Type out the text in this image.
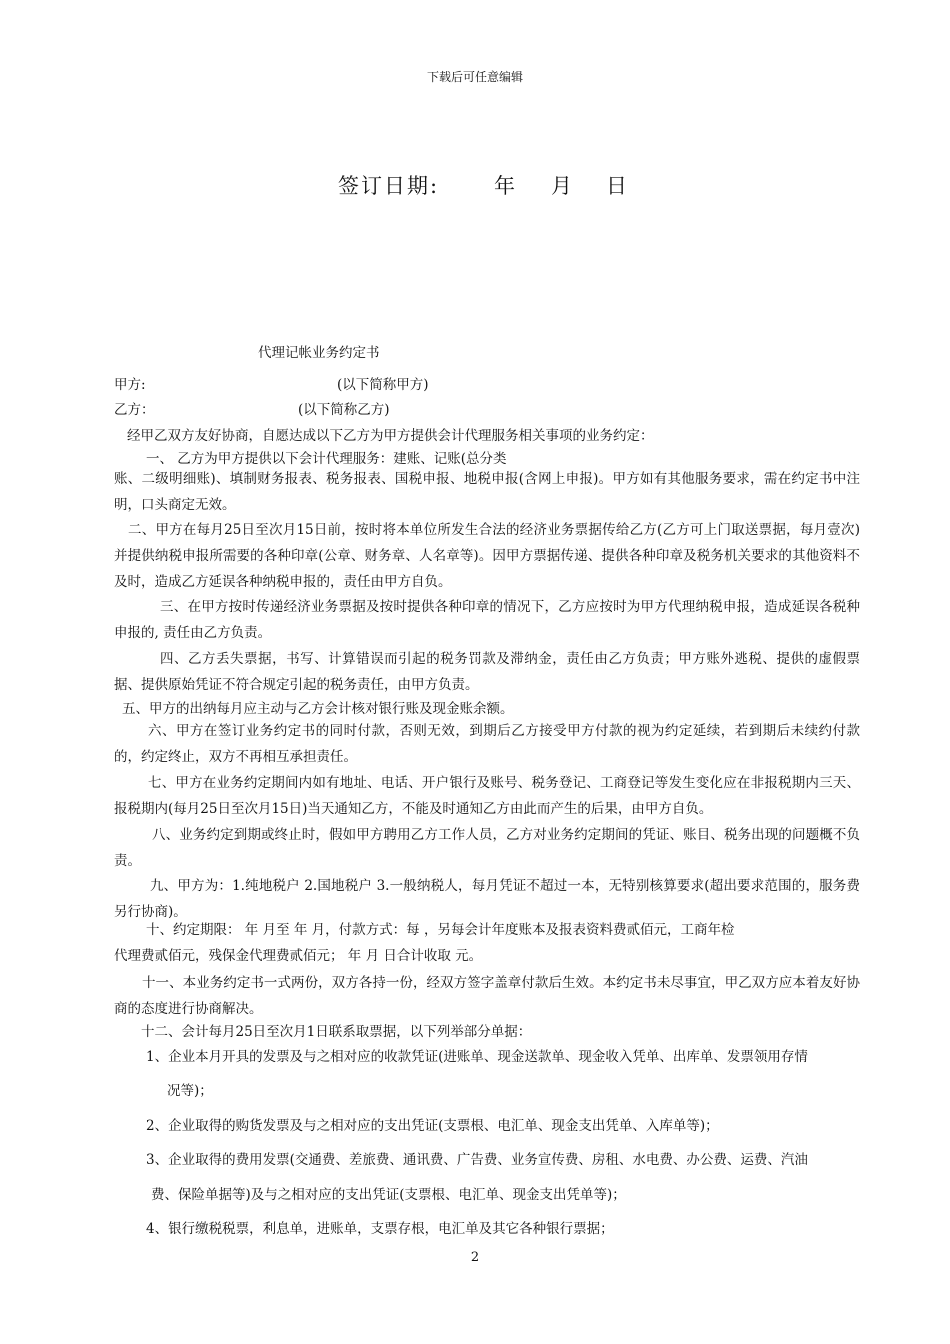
下载后可任意编辑
签订日期:	年 月 日
代理记帐业务约定书
甲方:	(以下简称甲方)
乙方：	(以下简称乙方)
经甲乙双方友好协商，自愿达成以下乙方为甲方提供会计代理服务相关事项的业务约定：
一、 乙方为甲方提供以下会计代理服务：建账、记账(总分类
账、二级明细账)、填制财务报表、税务报表、国税申报、地税申报(含网上申报)。甲方如有其他服务要求，需在约定书中注明，口头商定无效。
二、甲方在每月25日至次月15日前，按时将本单位所发生合法的经济业务票据传给乙方(乙方可上门取送票据，每月壹次)并提供纳税申报所需要的各种印章(公章、财务章、人名章等)。因甲方票据传递、提供各种印章及税务机关要求的其他资料不及时，造成乙方延误各种纳税申报的，责任由甲方自负。
三、在甲方按时传递经济业务票据及按时提供各种印章的情况下，乙方应按时为甲方代理纳税申报，造成延误各税种申报的, 责任由乙方负责。
四、乙方丢失票据，书写、计算错误而引起的税务罚款及滞纳金，责任由乙方负责；甲方账外逃税、提供的虚假票据、提供原始凭证不符合规定引起的税务责任，由甲方负责。
五、甲方的出纳每月应主动与乙方会计核对银行账及现金账余额。
六、甲方在签订业务约定书的同时付款，否则无效，到期后乙方接受甲方付款的视为约定延续，若到期后未续约付款的，约定终止，双方不再相互承担责任。
七、甲方在业务约定期间内如有地址、电话、开户银行及账号、税务登记、工商登记等发生变化应在非报税期内三天、报税期内(每月25日至次月15日)当天通知乙方，不能及时通知乙方由此而产生的后果，由甲方自负。
八、业务约定到期或终止时，假如甲方聘用乙方工作人员，乙方对业务约定期间的凭证、账目、税务出现的问题概不负责。
九、甲方为：1.纯地税户 2.国地税户 3.一般纳税人，每月凭证不超过一本，无特别核算要求(超出要求范围的，服务费另行协商)。
十、约定期限： 年 月至 年 月，付款方式：每 ，另每会计年度账本及报表资料费贰佰元，工商年检
代理费贰佰元，残保金代理费贰佰元； 年 月 日合计收取 元。
十一、本业务约定书一式两份，双方各持一份，经双方签字盖章付款后生效。本约定书未尽事宜，甲乙双方应本着友好协商的态度进行协商解决。
十二、会计每月25日至次月1日联系取票据，以下列举部分单据：
1、企业本月开具的发票及与之相对应的收款凭证(进账单、现金送款单、现金收入凭单、出库单、发票领用存情
况等)；
2、企业取得的购货发票及与之相对应的支出凭证(支票根、电汇单、现金支出凭单、入库单等)；
3、企业取得的费用发票(交通费、差旅费、通讯费、广告费、业务宣传费、房租、水电费、办公费、运费、汽油
费、保险单据等)及与之相对应的支出凭证(支票根、电汇单、现金支出凭单等)；
4、银行缴税税票，利息单，进账单，支票存根，电汇单及其它各种银行票据；
2
